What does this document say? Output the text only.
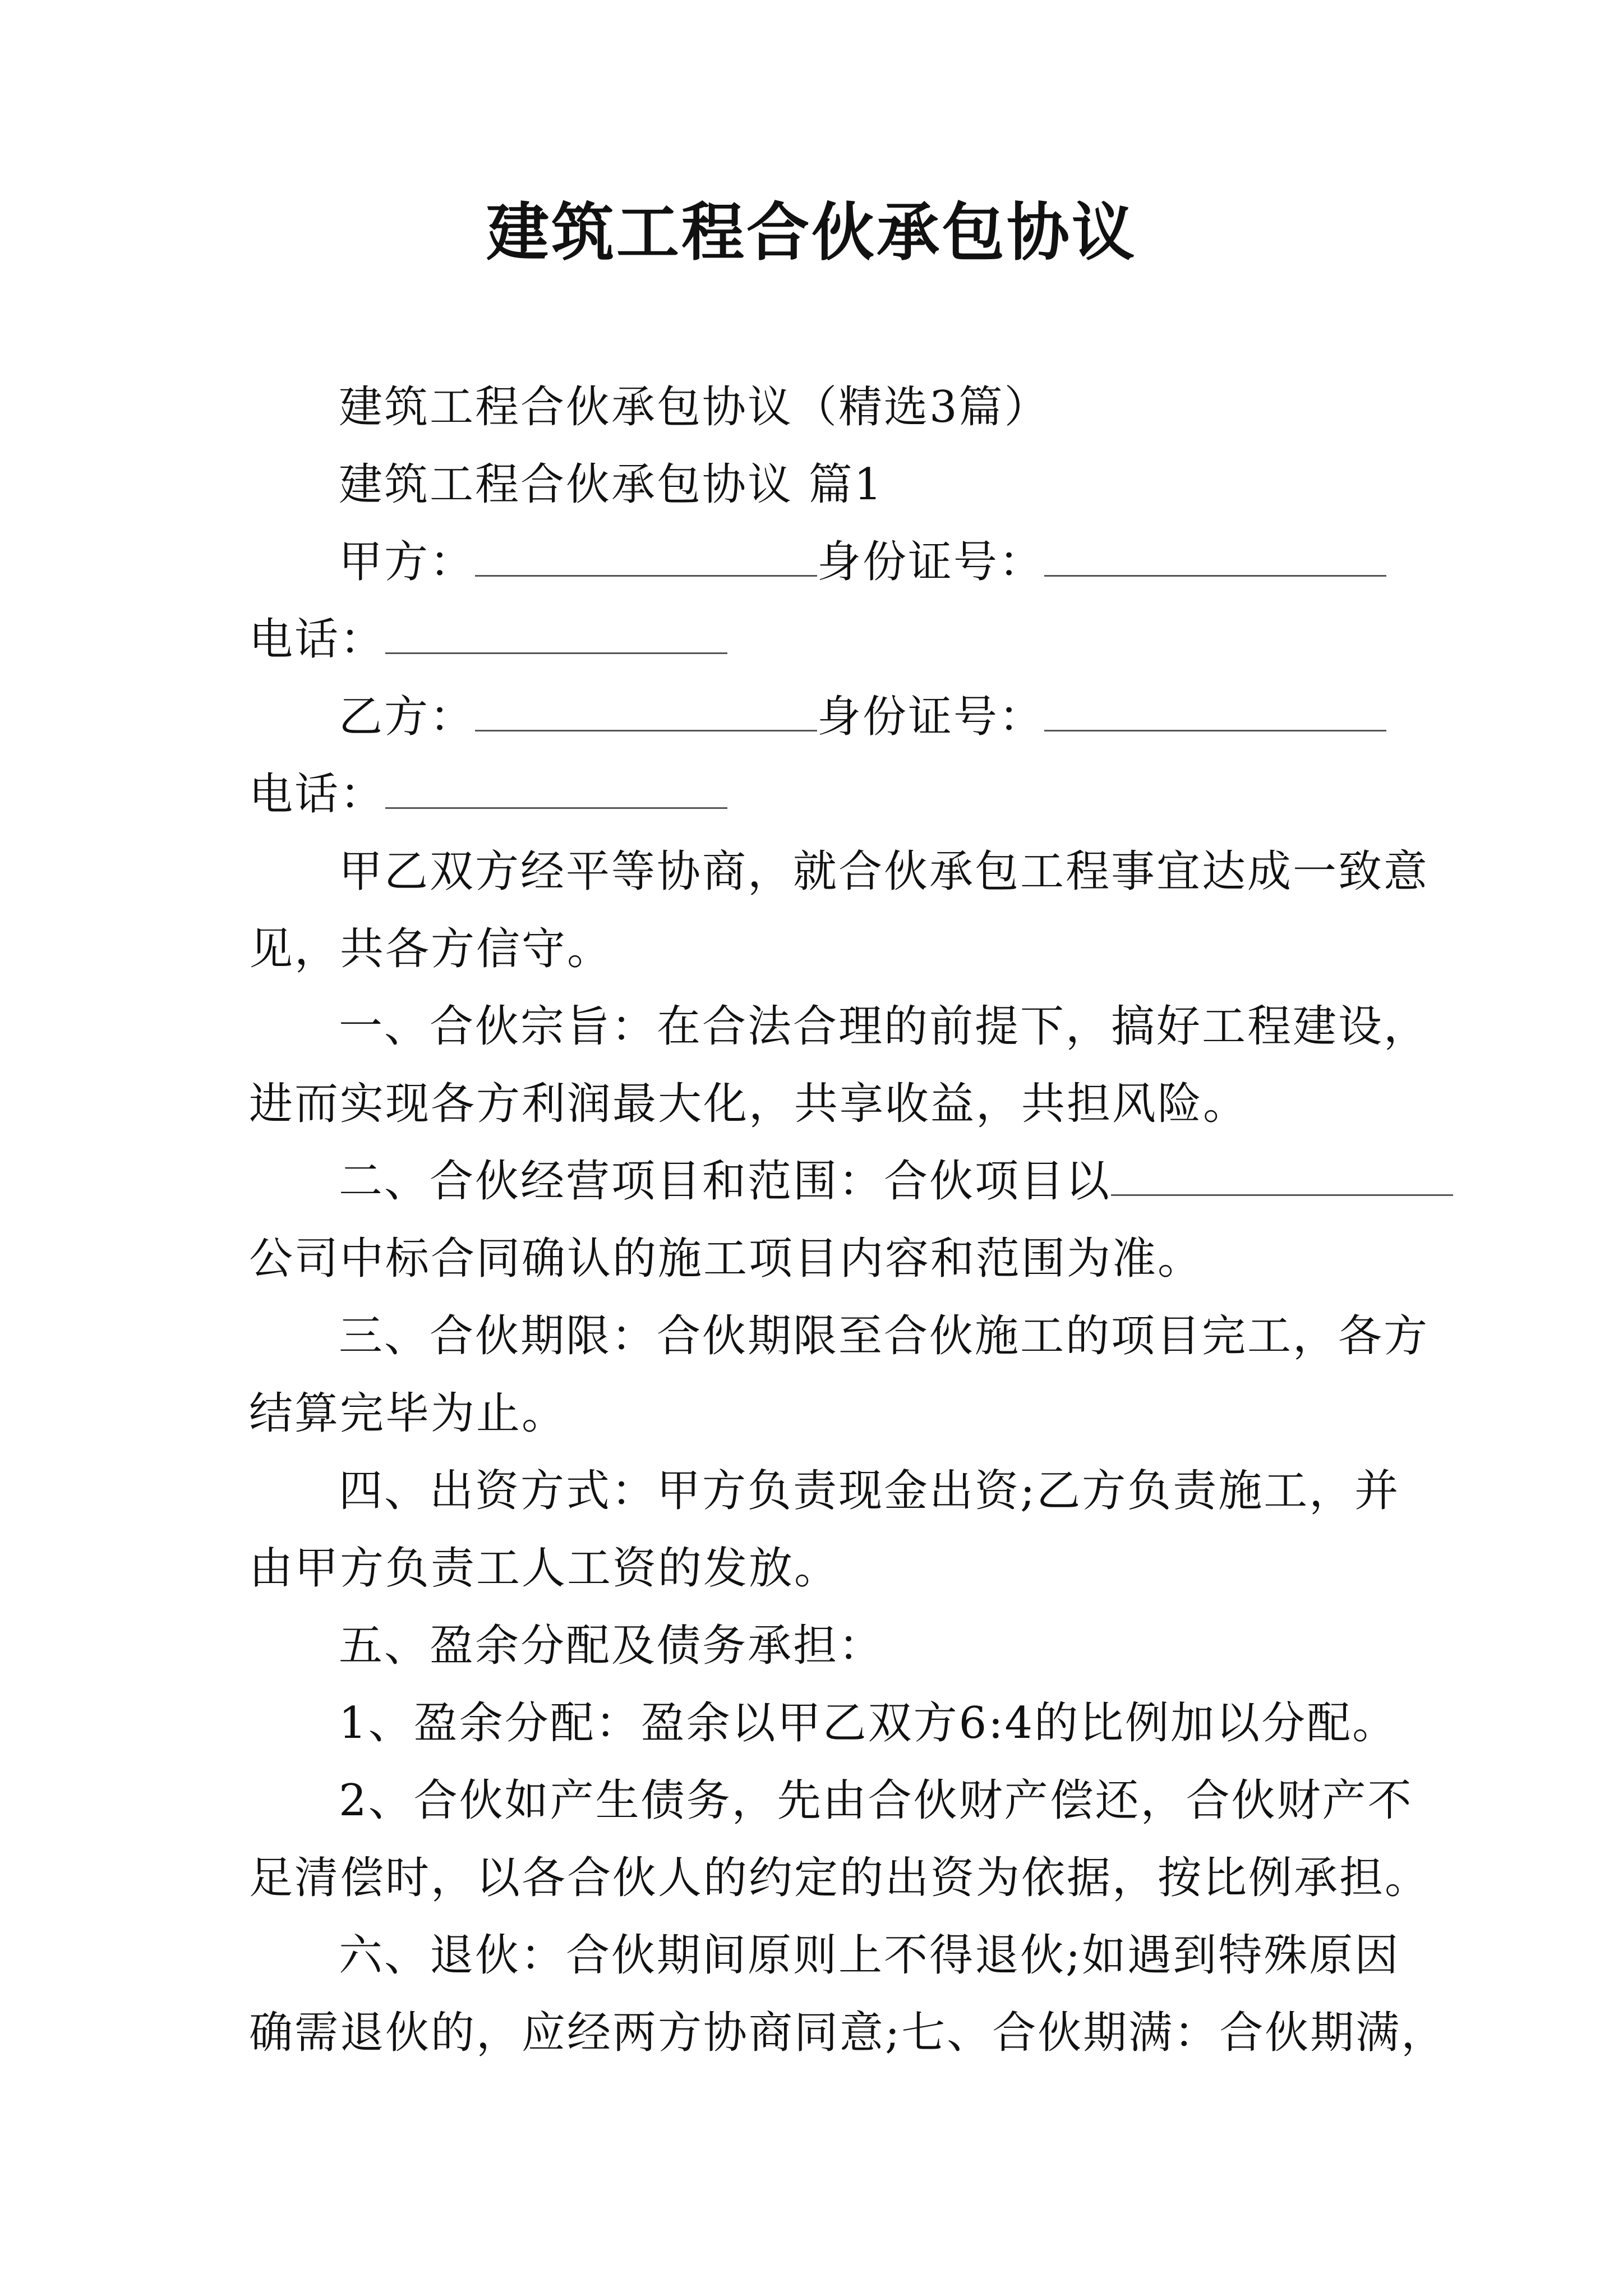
建筑工程合伙承包协议
建筑工程合伙承包协议（精选3篇）
建筑工程合伙承包协议 篇1
甲方：	身份证号：
电话：
乙方：	身份证号：
电话：
甲乙双方经平等协商，就合伙承包工程事宜达成一致意
见，共各方信守。
一、合伙宗旨：在合法合理的前提下，搞好工程建设，
进而实现各方利润最大化，共享收益，共担风险。
二、合伙经营项目和范围：合伙项目以
公司中标合同确认的施工项目内容和范围为准。
三、合伙期限：合伙期限至合伙施工的项目完工，各方
结算完毕为止。
四、出资方式：甲方负责现金出资;乙方负责施工，并
由甲方负责工人工资的发放。
五、盈余分配及债务承担：
1、盈余分配：盈余以甲乙双方6:4的比例加以分配。
2、合伙如产生债务，先由合伙财产偿还，合伙财产不
足清偿时，以各合伙人的约定的出资为依据，按比例承担。
六、退伙：合伙期间原则上不得退伙;如遇到特殊原因
确需退伙的，应经两方协商同意;七、合伙期满：合伙期满，
